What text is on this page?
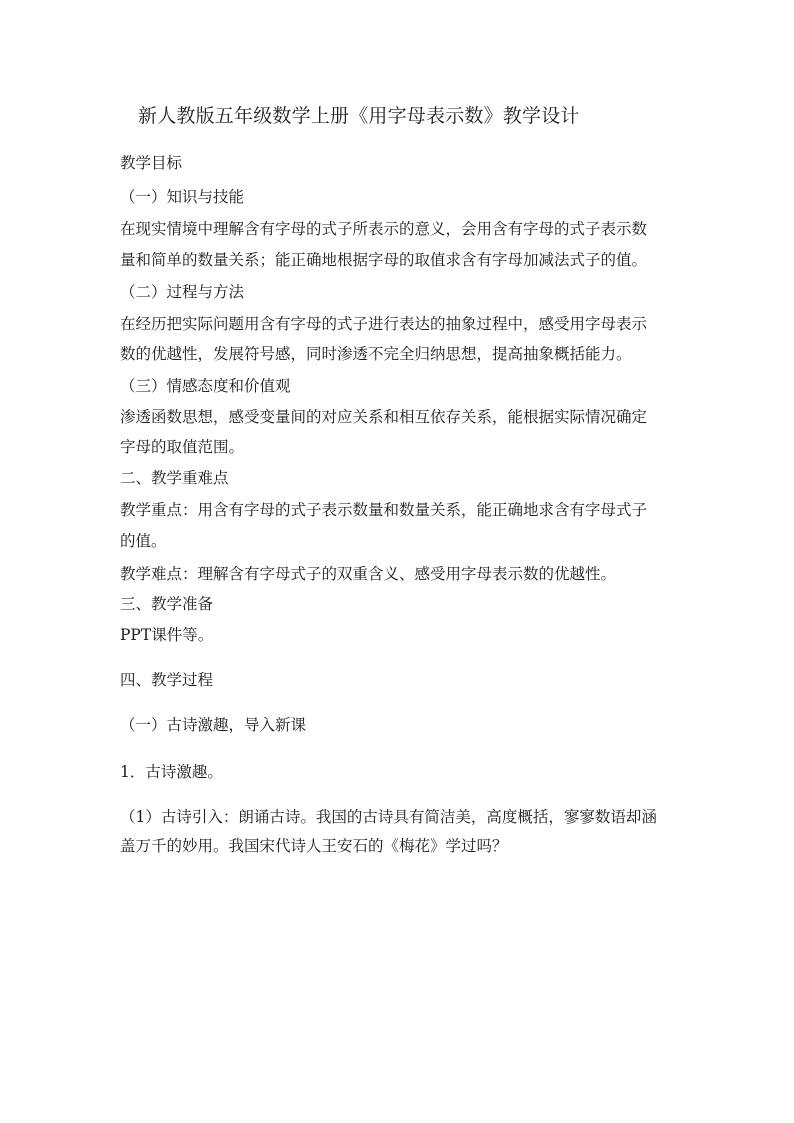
新人教版五年级数学上册《用字母表示数》教学设计
教学目标
（一）知识与技能
在现实情境中理解含有字母的式子所表示的意义，会用含有字母的式子表示数
量和简单的数量关系；能正确地根据字母的取值求含有字母加减法式子的值。
（二）过程与方法
在经历把实际问题用含有字母的式子进行表达的抽象过程中，感受用字母表示
数的优越性，发展符号感，同时渗透不完全归纳思想，提高抽象概括能力。
（三）情感态度和价值观
渗透函数思想，感受变量间的对应关系和相互依存关系，能根据实际情况确定
字母的取值范围。
二、教学重难点
教学重点：用含有字母的式子表示数量和数量关系，能正确地求含有字母式子
的值。
教学难点：理解含有字母式子的双重含义、感受用字母表示数的优越性。
三、教学准备
PPT课件等。
四、教学过程
（一）古诗激趣，导入新课
1．古诗激趣。
（1）古诗引入：朗诵古诗。我国的古诗具有简洁美，高度概括，寥寥数语却涵
盖万千的妙用。我国宋代诗人王安石的《梅花》学过吗？
